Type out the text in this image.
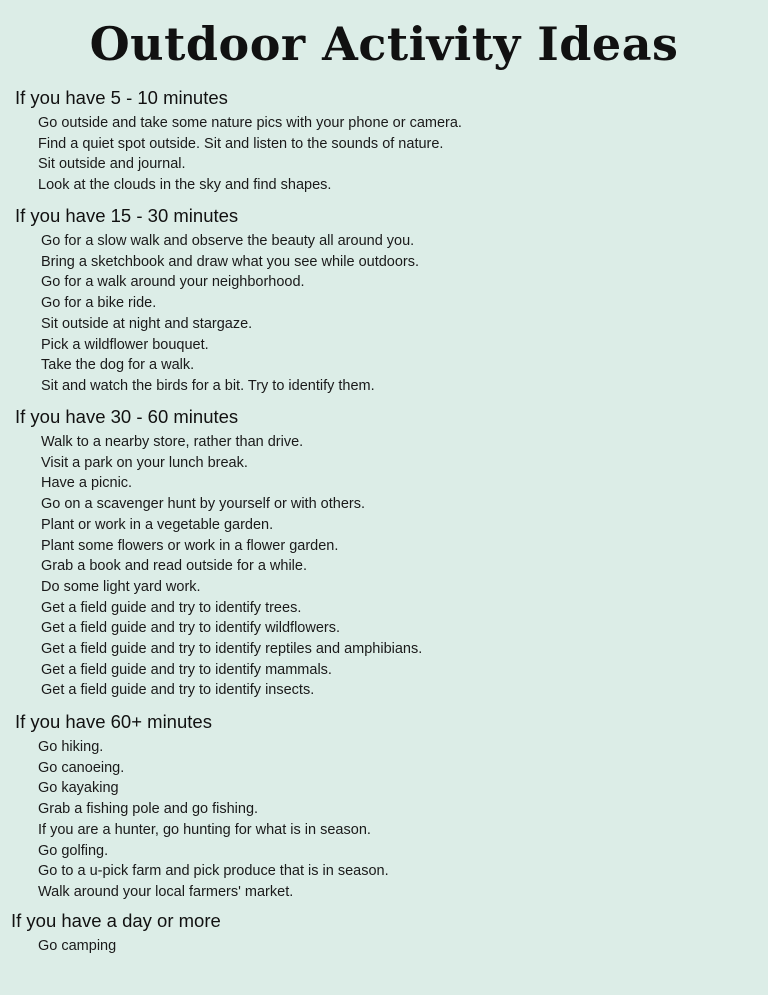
Outdoor Activity Ideas
If you have 5 - 10 minutes
Go outside and take some nature pics with your phone or camera.
Find a quiet spot outside. Sit and listen to the sounds of nature.
Sit outside and journal.
Look at the clouds in the sky and find shapes.
If you have 15 - 30 minutes
Go for a slow walk and observe the beauty all around you.
Bring a sketchbook and draw what you see while outdoors.
Go for a walk around your neighborhood.
Go for a bike ride.
Sit outside at night and stargaze.
Pick a wildflower bouquet.
Take the dog for a walk.
Sit and watch the birds for a bit. Try to identify them.
If you have 30 - 60 minutes
Walk to a nearby store, rather than drive.
Visit a park on your lunch break.
Have a picnic.
Go on a scavenger hunt by yourself or with others.
Plant or work in a vegetable garden.
Plant some flowers or work in a flower garden.
Grab a book and read outside for a while.
Do some light yard work.
Get a field guide and try to identify trees.
Get a field guide and try to identify wildflowers.
Get a field guide and try to identify reptiles and amphibians.
Get a field guide and try to identify mammals.
Get a field guide and try to identify insects.
If you have 60+ minutes
Go hiking.
Go canoeing.
Go kayaking
Grab a fishing pole and go fishing.
If you are a hunter, go hunting for what is in season.
Go golfing.
Go to a u-pick farm and pick produce that is in season.
Walk around your local farmers' market.
If you have a day or more
Go camping
